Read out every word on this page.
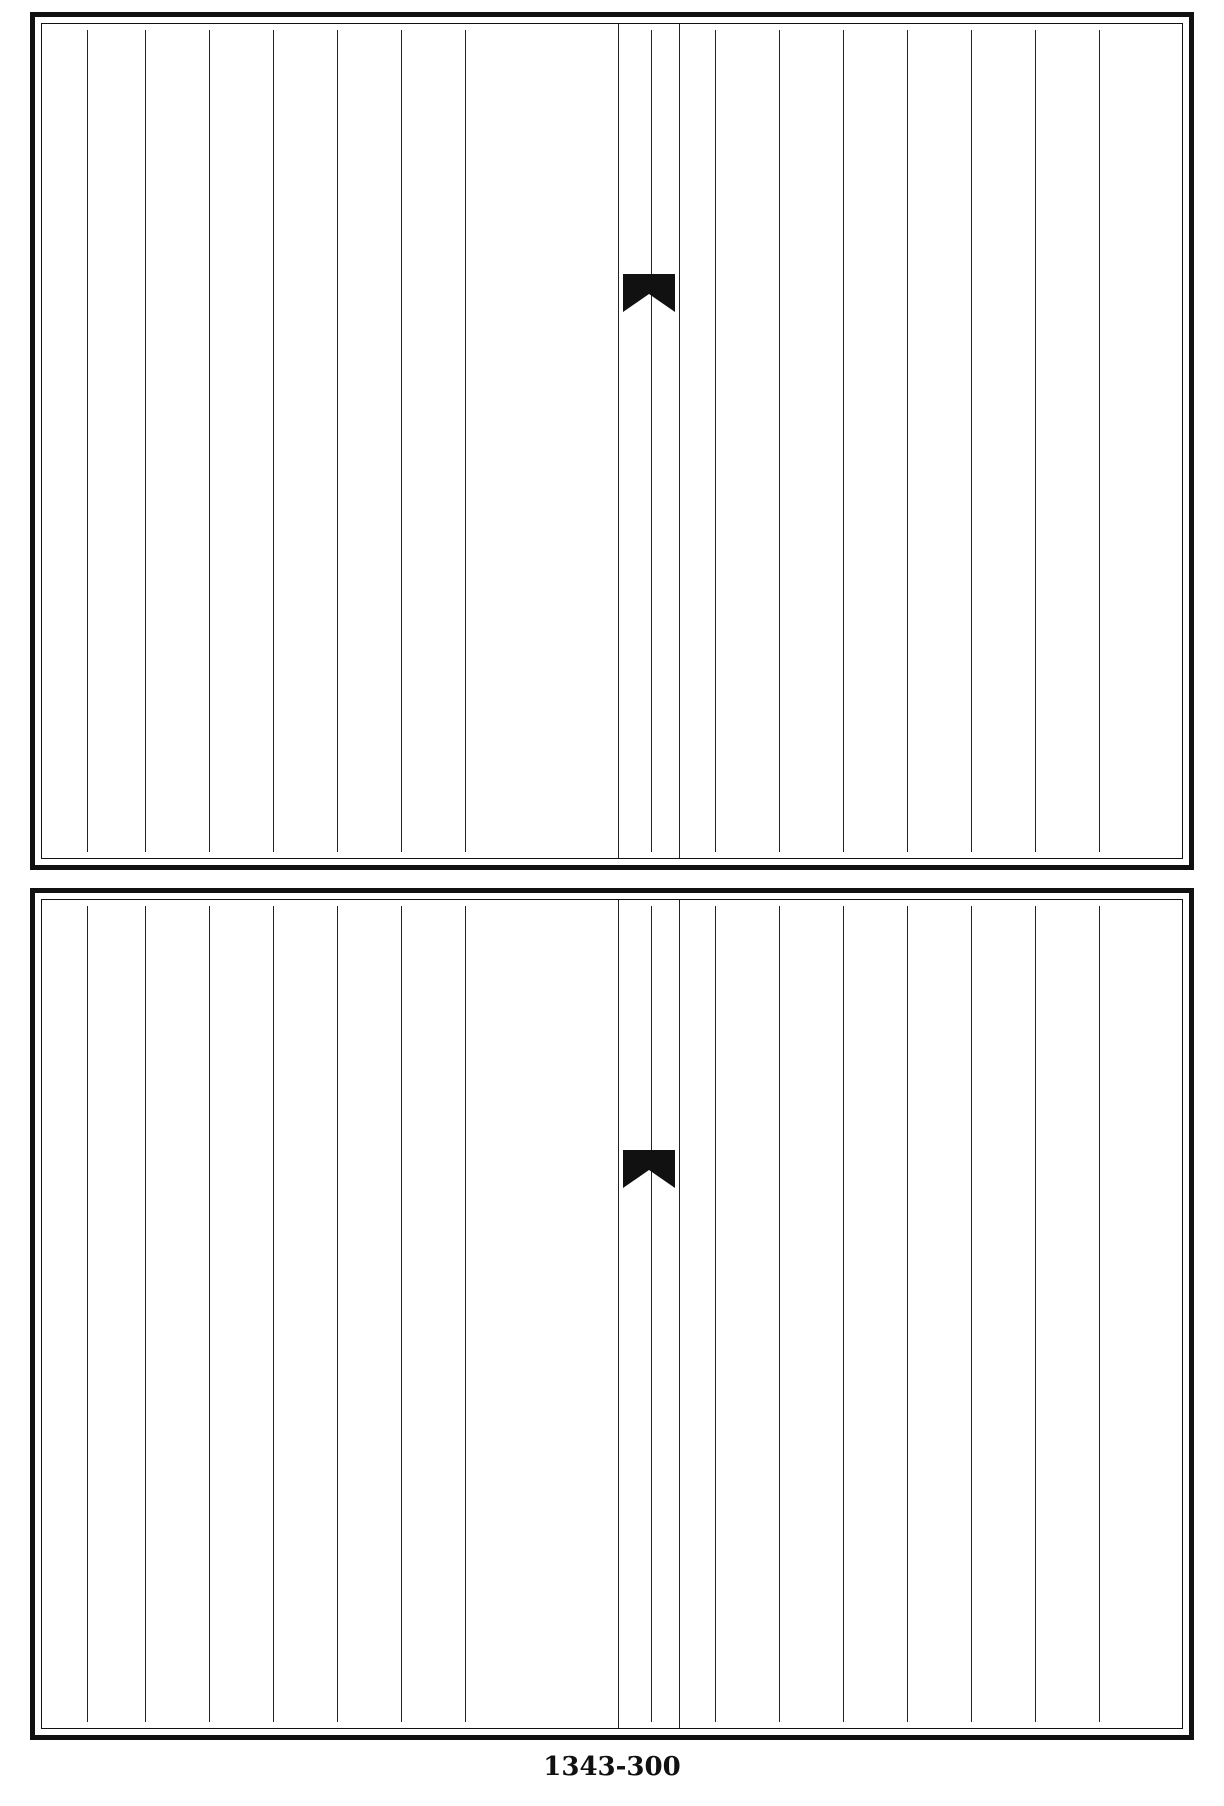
1343-300
